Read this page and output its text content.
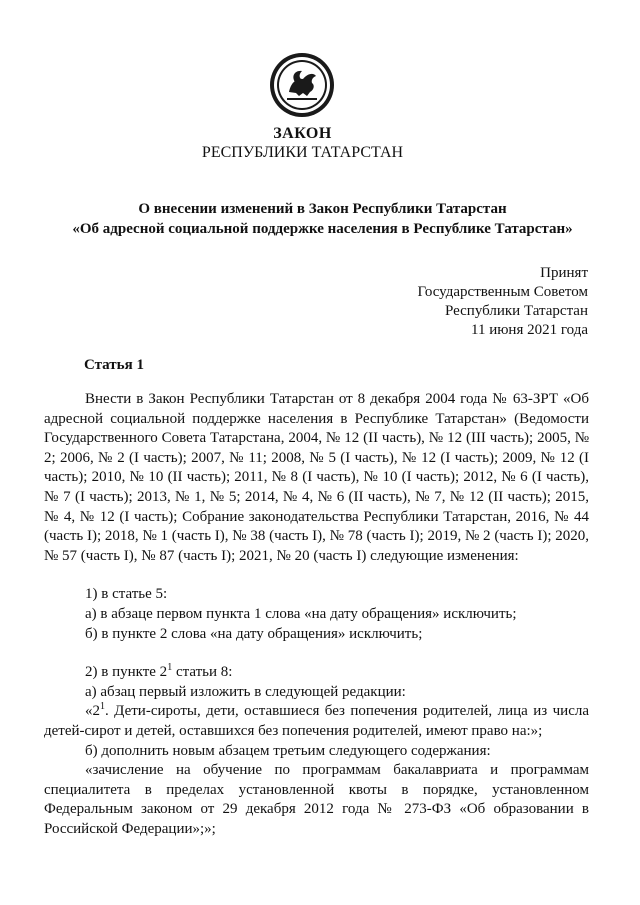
ЗАКОН
РЕСПУБЛИКИ ТАТАРСТАН
О внесении изменений в Закон Республики Татарстан
«Об адресной социальной поддержке населения в Республике Татарстан»
Принят
Государственным Советом
Республики Татарстан
11 июня 2021 года
Статья 1

Внести в Закон Республики Татарстан от 8 декабря 2004 года № 63-ЗРТ «Об адресной социальной поддержке населения в Республике Татарстан» (Ведомости Государственного Совета Татарстана, 2004, № 12 (II часть), № 12 (III часть); 2005, № 2; 2006, № 2 (I часть); 2007, № 11; 2008, № 5 (I часть), № 12 (I часть); 2009, № 12 (I часть); 2010, № 10 (II часть); 2011, № 8 (I часть), № 10 (I часть); 2012, № 6 (I часть), № 7 (I часть); 2013, № 1, № 5; 2014, № 4, № 6 (II часть), № 7, № 12 (II часть); 2015, № 4, № 12 (I часть); Собрание законодательства Республики Татарстан, 2016, № 44 (часть I); 2018, № 1 (часть I), № 38 (часть I), № 78 (часть I); 2019, № 2 (часть I); 2020, № 57 (часть I), № 87 (часть I); 2021, № 20 (часть I) следующие изменения:

1) в статье 5:

а) в абзаце первом пункта 1 слова «на дату обращения» исключить;

б) в пункте 2 слова «на дату обращения» исключить;

2) в пункте $2^1$ статьи 8:

а) абзац первый изложить в следующей редакции:

«$2^1$. Дети-сироты, дети, оставшиеся без попечения родителей, лица из числа детей-сирот и детей, оставшихся без попечения родителей, имеют право на:»;

б) дополнить новым абзацем третьим следующего содержания:

«зачисление на обучение по программам бакалавриата и программам специалитета в пределах установленной квоты в порядке, установленном Федеральным законом от 29 декабря 2012 года № 273-ФЗ «Об образовании в Российской Федерации»;»;
